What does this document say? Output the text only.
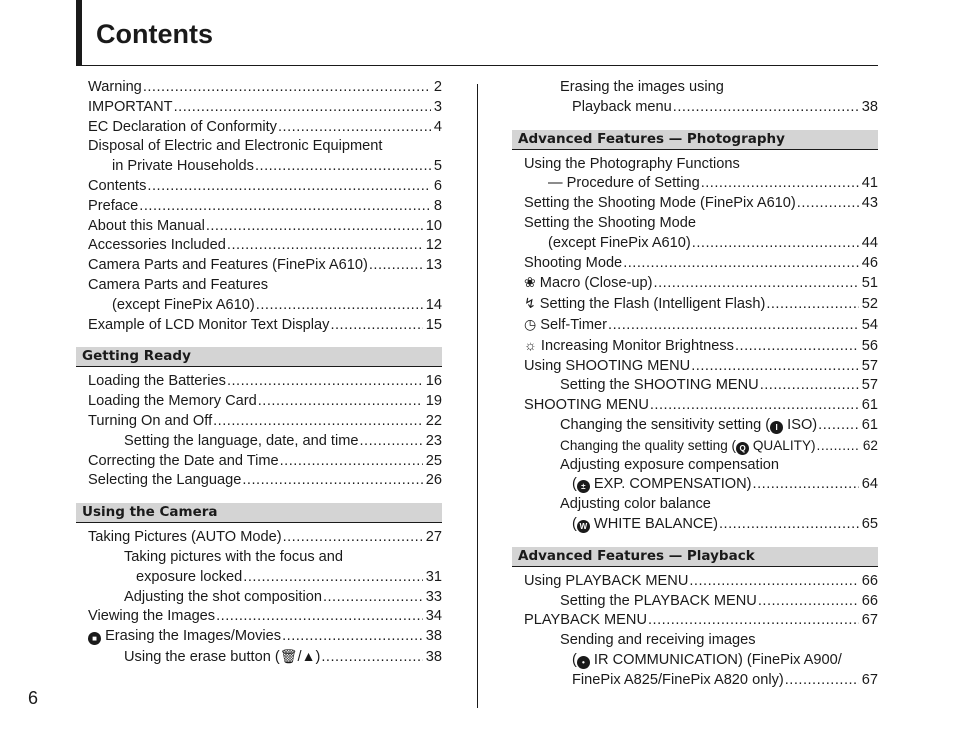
Contents
Warning .....	2
IMPORTANT .....	3
EC Declaration of Conformity .....	4
Disposal of Electric and Electronic Equipment
in Private Households .....	5
Contents .....	6
Preface .....	8
About this Manual .....	10
Accessories Included .....	12
Camera Parts and Features (FinePix A610) .....	13
Camera Parts and Features
(except FinePix A610) .....	14
Example of LCD Monitor Text Display .....	15
Getting Ready
Loading the Batteries .....	16
Loading the Memory Card .....	19
Turning On and Off .....	22
Setting the language, date, and time .....	23
Correcting the Date and Time .....	25
Selecting the Language .....	26
Using the Camera
Taking Pictures (AUTO Mode) .....	27
Taking pictures with the focus and
exposure locked .....	31
Adjusting the shot composition .....	33
Viewing the Images .....	34
■ Erasing the Images/Movies .....	38
Using the erase button (🗑/▲) .....	38
Erasing the images using
Playback menu .....	38
Advanced Features — Photography
Using the Photography Functions
— Procedure of Setting .....	41
Setting the Shooting Mode (FinePix A610) .....	43
Setting the Shooting Mode
(except FinePix A610) .....	44
Shooting Mode .....	46
❀ Macro (Close-up) .....	51
↯ Setting the Flash (Intelligent Flash) .....	52
◷ Self-Timer .....	54
☼ Increasing Monitor Brightness .....	56
Using SHOOTING MENU .....	57
Setting the SHOOTING MENU .....	57
SHOOTING MENU .....	61
Changing the sensitivity setting ( I ISO) .....	61
Changing the quality setting ( Q QUALITY) .....	62
Adjusting exposure compensation
( ± EXP. COMPENSATION) .....	64
Adjusting color balance
( W WHITE BALANCE) .....	65
Advanced Features — Playback
Using PLAYBACK MENU .....	66
Setting the PLAYBACK MENU .....	66
PLAYBACK MENU .....	67
Sending and receiving images
( • IR COMMUNICATION) (FinePix A900/
FinePix A825/FinePix A820 only) .....	67
6
